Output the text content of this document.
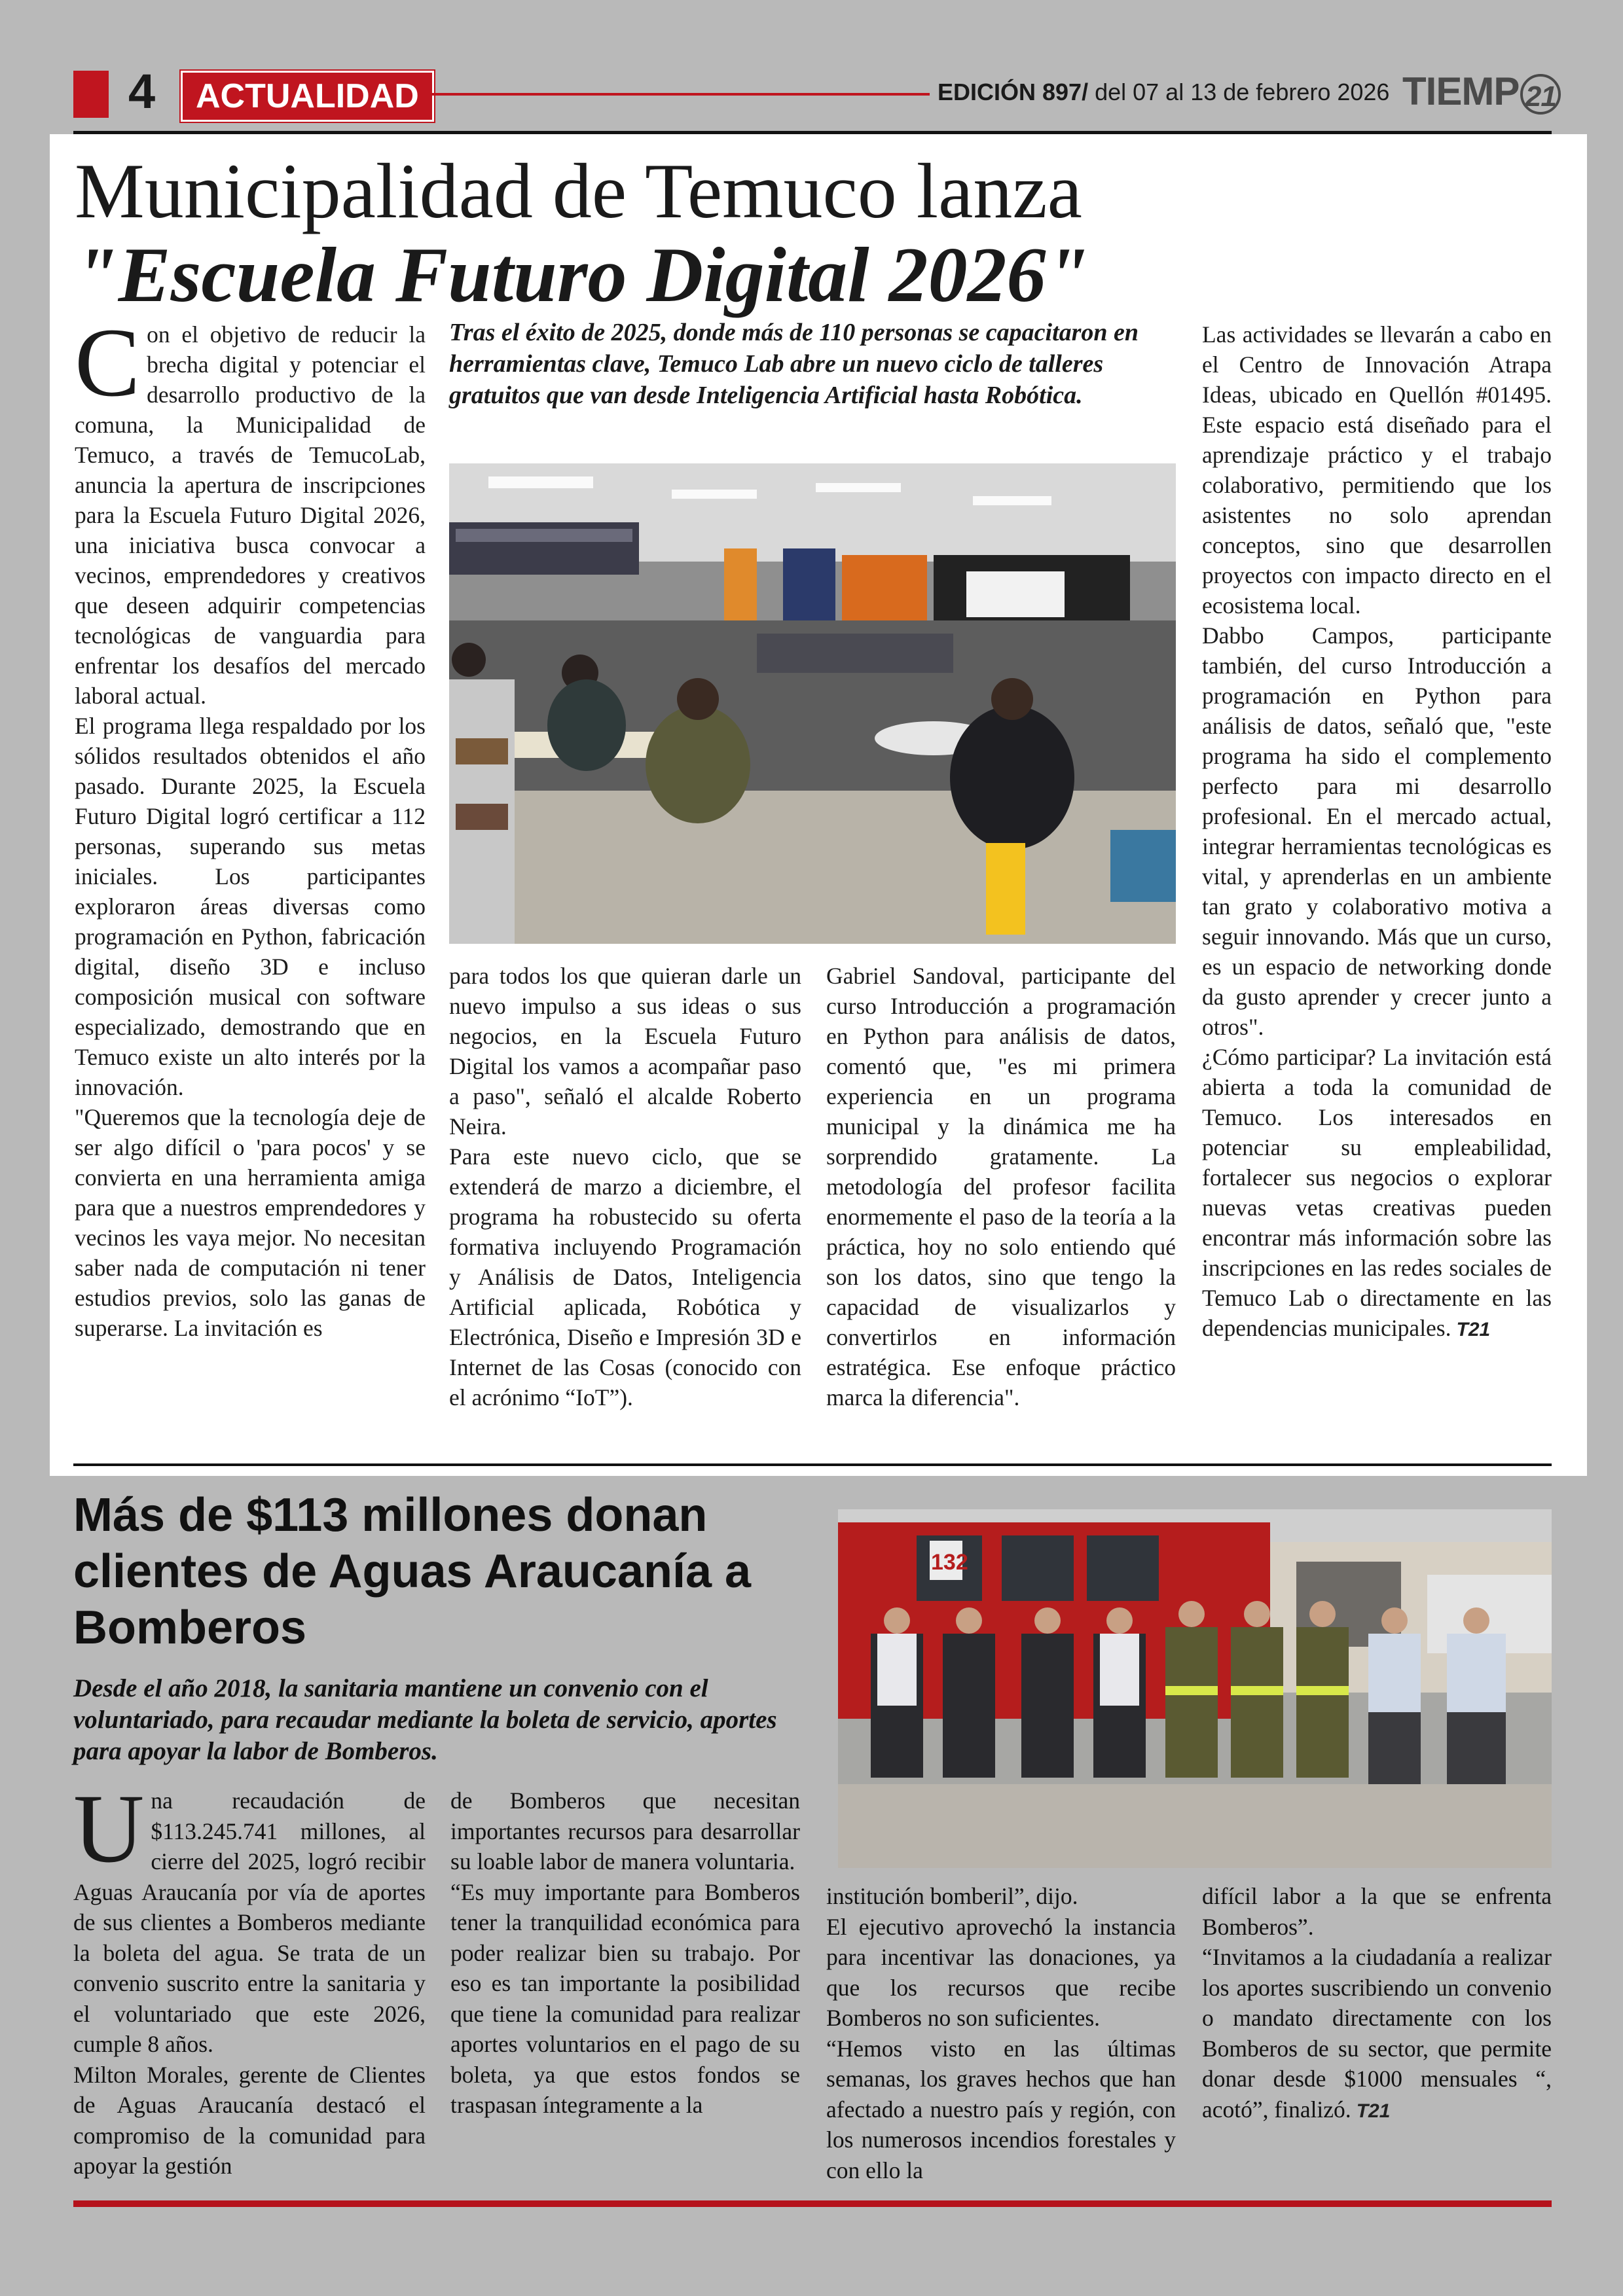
4	ACTUALIDAD	EDICIÓN 897/ del 07 al 13 de febrero 2026 TIEMP 21
Municipalidad de Temuco lanza
"Escuela Futuro Digital 2026"

Con el objetivo de reducir la brecha digital y potenciar el desarrollo productivo de la comuna, la Municipalidad de Temuco, a través de TemucoLab, anuncia la apertura de inscripciones para la Escuela Futuro Digital 2026, una iniciativa busca convocar a vecinos, emprendedores y creativos que deseen adquirir competencias tecnológicas de vanguardia para enfrentar los desafíos del mercado laboral actual.

El programa llega respaldado por los sólidos resultados obtenidos el año pasado. Durante 2025, la Escuela Futuro Digital logró certificar a 112 personas, superando sus metas iniciales. Los participantes exploraron áreas diversas como programación en Python, fabricación digital, diseño 3D e incluso composición musical con software especializado, demostrando que en Temuco existe un alto interés por la innovación.

"Queremos que la tecnología deje de ser algo difícil o 'para pocos' y se convierta en una herramienta amiga para que a nuestros emprendedores y vecinos les vaya mejor. No necesitan saber nada de computación ni tener estudios previos, solo las ganas de superarse. La invitación es

Tras el éxito de 2025, donde más de 110 personas se capacitaron en herramientas clave, Temuco Lab abre un nuevo ciclo de talleres gratuitos que van desde Inteligencia Artificial hasta Robótica.

para todos los que quieran darle un nuevo impulso a sus ideas o sus negocios, en la Escuela Futuro Digital los vamos a acompañar paso a paso", señaló el alcalde Roberto Neira.

Para este nuevo ciclo, que se extenderá de marzo a diciembre, el programa ha robustecido su oferta formativa incluyendo Programación y Análisis de Datos, Inteligencia Artificial aplicada, Robótica y Electrónica, Diseño e Impresión 3D e Internet de las Cosas (conocido con el acrónimo “IoT”).

Gabriel Sandoval, participante del curso Introducción a programación en Python para análisis de datos, comentó que, "es mi primera experiencia en un programa municipal y la dinámica me ha sorprendido gratamente. La metodología del profesor facilita enormemente el paso de la teoría a la práctica, hoy no solo entiendo qué son los datos, sino que tengo la capacidad de visualizarlos y convertirlos en información estratégica. Ese enfoque práctico marca la diferencia".

Las actividades se llevarán a cabo en el Centro de Innovación Atrapa Ideas, ubicado en Quellón #01495. Este espacio está diseñado para el aprendizaje práctico y el trabajo colaborativo, permitiendo que los asistentes no solo aprendan conceptos, sino que desarrollen proyectos con impacto directo en el ecosistema local.

Dabbo Campos, participante también, del curso Introducción a programación en Python para análisis de datos, señaló que, "este programa ha sido el complemento perfecto para mi desarrollo profesional. En el mercado actual, integrar herramientas tecnológicas es vital, y aprenderlas en un ambiente tan grato y colaborativo motiva a seguir innovando. Más que un curso, es un espacio de networking donde da gusto aprender y crecer junto a otros".

¿Cómo participar? La invitación está abierta a toda la comunidad de Temuco. Los interesados en potenciar su empleabilidad, fortalecer sus negocios o explorar nuevas vetas creativas pueden encontrar más información sobre las inscripciones en las redes sociales de Temuco Lab o directamente en las dependencias municipales. T21

Más de $113 millones donan clientes de Aguas Araucanía a Bomberos
Desde el año 2018, la sanitaria mantiene un convenio con el voluntariado, para recaudar mediante la boleta de servicio, aportes para apoyar la labor de Bomberos.
132

Una recaudación de $113.245.741 millones, al cierre del 2025, logró recibir Aguas Araucanía por vía de aportes de sus clientes a Bomberos mediante la boleta del agua. Se trata de un convenio suscrito entre la sanitaria y el voluntariado que este 2026, cumple 8 años.

Milton Morales, gerente de Clientes de Aguas Araucanía destacó el compromiso de la comunidad para apoyar la gestión

de Bomberos que necesitan importantes recursos para desarrollar su loable labor de manera voluntaria.

“Es muy importante para Bomberos tener la tranquilidad económica para poder realizar bien su trabajo. Por eso es tan importante la posibilidad que tiene la comunidad para realizar aportes voluntarios en el pago de su boleta, ya que estos fondos se traspasan íntegramente a la

institución bomberil”, dijo.

El ejecutivo aprovechó la instancia para incentivar las donaciones, ya que los recursos que recibe Bomberos no son suficientes.

“Hemos visto en las últimas semanas, los graves hechos que han afectado a nuestro país y región, con los numerosos incendios forestales y con ello la

difícil labor a la que se enfrenta Bomberos”.

“Invitamos a la ciudadanía a realizar los aportes suscribiendo un convenio o mandato directamente con los Bomberos de su sector, que permite donar desde $1000 mensuales “, acotó”, finalizó. T21
